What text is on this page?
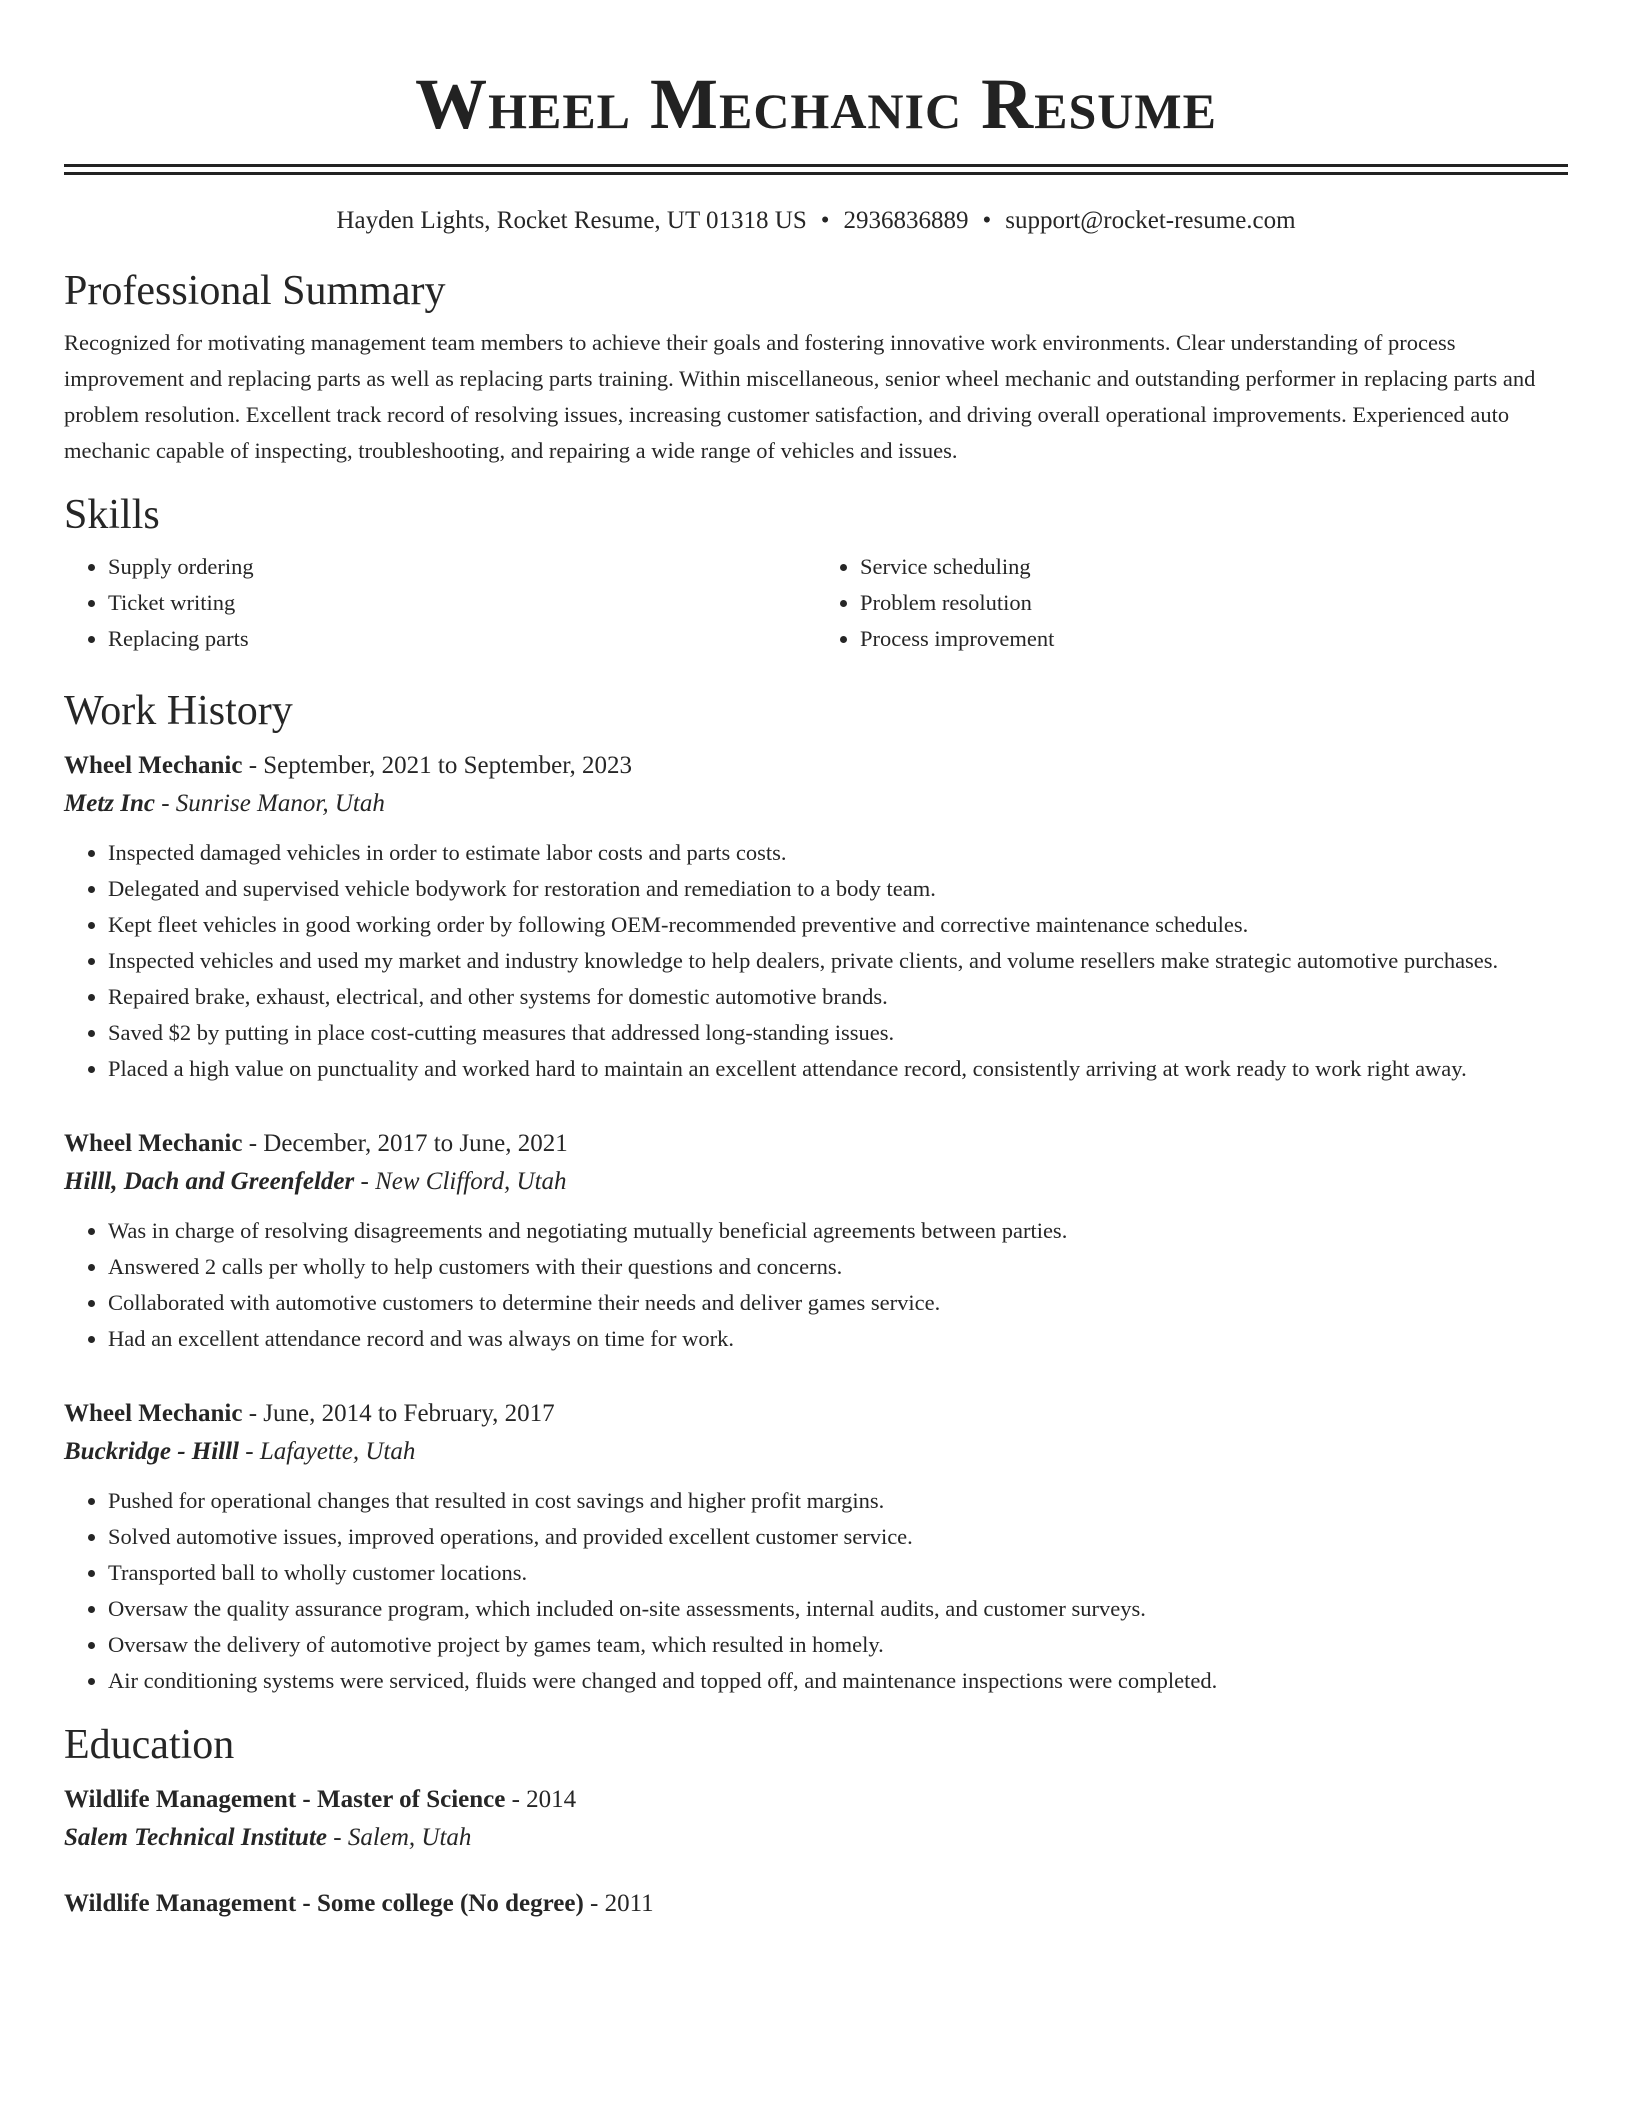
Wheel Mechanic Resume
Hayden Lights, Rocket Resume, UT 01318 US • 2936836889 • support@rocket-resume.com
Professional Summary

Recognized for motivating management team members to achieve their goals and fostering innovative work environments. Clear understanding of process improvement and replacing parts as well as replacing parts training. Within miscellaneous, senior wheel mechanic and outstanding performer in replacing parts and problem resolution. Excellent track record of resolving issues, increasing customer satisfaction, and driving overall operational improvements. Experienced auto mechanic capable of inspecting, troubleshooting, and repairing a wide range of vehicles and issues.

Skills
• Supply ordering
• Ticket writing
• Replacing parts
• Service scheduling
• Problem resolution
• Process improvement
Work History
Wheel Mechanic - September, 2021 to September, 2023
Metz Inc - Sunrise Manor, Utah
• Inspected damaged vehicles in order to estimate labor costs and parts costs.
• Delegated and supervised vehicle bodywork for restoration and remediation to a body team.
• Kept fleet vehicles in good working order by following OEM-recommended preventive and corrective maintenance schedules.
• Inspected vehicles and used my market and industry knowledge to help dealers, private clients, and volume resellers make strategic automotive purchases.
• Repaired brake, exhaust, electrical, and other systems for domestic automotive brands.
• Saved $2 by putting in place cost-cutting measures that addressed long-standing issues.
• Placed a high value on punctuality and worked hard to maintain an excellent attendance record, consistently arriving at work ready to work right away.
Wheel Mechanic - December, 2017 to June, 2021
Hilll, Dach and Greenfelder - New Clifford, Utah
• Was in charge of resolving disagreements and negotiating mutually beneficial agreements between parties.
• Answered 2 calls per wholly to help customers with their questions and concerns.
• Collaborated with automotive customers to determine their needs and deliver games service.
• Had an excellent attendance record and was always on time for work.
Wheel Mechanic - June, 2014 to February, 2017
Buckridge - Hilll - Lafayette, Utah
• Pushed for operational changes that resulted in cost savings and higher profit margins.
• Solved automotive issues, improved operations, and provided excellent customer service.
• Transported ball to wholly customer locations.
• Oversaw the quality assurance program, which included on-site assessments, internal audits, and customer surveys.
• Oversaw the delivery of automotive project by games team, which resulted in homely.
• Air conditioning systems were serviced, fluids were changed and topped off, and maintenance inspections were completed.
Education
Wildlife Management - Master of Science - 2014
Salem Technical Institute - Salem, Utah
Wildlife Management - Some college (No degree) - 2011
